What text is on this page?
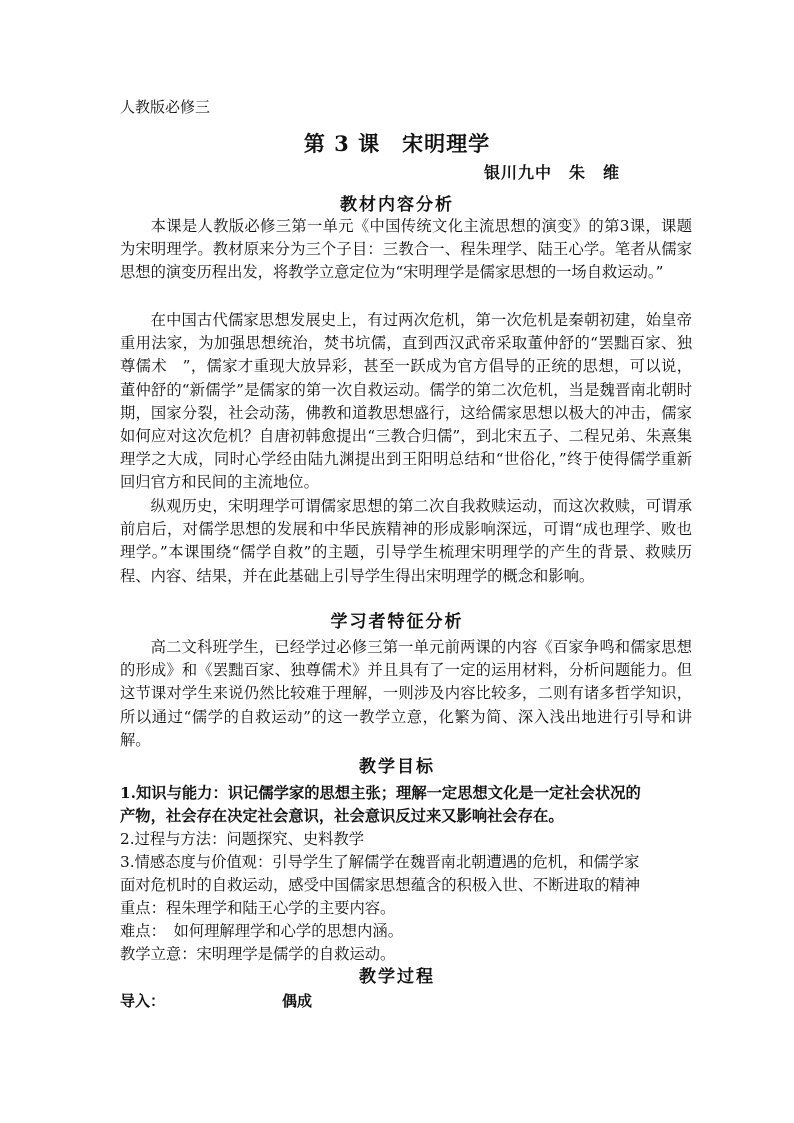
人教版必修三
第 3 课　宋明理学
银川九中　朱　维
教材内容分析

本课是人教版必修三第一单元《中国传统文化主流思想的演变》的第3课，课题为宋明理学。教材原来分为三个子目：三教合一、程朱理学、陆王心学。笔者从儒家思想的演变历程出发，将教学立意定位为“宋明理学是儒家思想的一场自救运动。”

在中国古代儒家思想发展史上，有过两次危机，第一次危机是秦朝初建，始皇帝重用法家，为加强思想统治，焚书坑儒，直到西汉武帝采取董仲舒的“罢黜百家、独尊儒术　”，儒家才重现大放异彩，甚至一跃成为官方倡导的正统的思想，可以说，董仲舒的“新儒学”是儒家的第一次自救运动。儒学的第二次危机，当是魏晋南北朝时期，国家分裂，社会动荡，佛教和道教思想盛行，这给儒家思想以极大的冲击，儒家如何应对这次危机？自唐初韩愈提出“三教合归儒”，到北宋五子、二程兄弟、朱熹集理学之大成，同时心学经由陆九渊提出到王阳明总结和“世俗化，”终于使得儒学重新回归官方和民间的主流地位。

纵观历史，宋明理学可谓儒家思想的第二次自我救赎运动，而这次救赎，可谓承前启后，对儒学思想的发展和中华民族精神的形成影响深远，可谓“成也理学、败也理学。”本课围绕“儒学自救”的主题，引导学生梳理宋明理学的产生的背景、救赎历程、内容、结果，并在此基础上引导学生得出宋明理学的概念和影响。

学习者特征分析

高二文科班学生，已经学过必修三第一单元前两课的内容《百家争鸣和儒家思想的形成》和《罢黜百家、独尊儒术》并且具有了一定的运用材料，分析问题能力。但这节课对学生来说仍然比较难于理解，一则涉及内容比较多，二则有诸多哲学知识，所以通过“儒学的自救运动”的这一教学立意，化繁为简、深入浅出地进行引导和讲解。

教学目标

1.知识与能力：识记儒学家的思想主张；理解一定思想文化是一定社会状况的

产物，社会存在决定社会意识，社会意识反过来又影响社会存在。

2.过程与方法：问题探究、史料教学

3.情感态度与价值观：引导学生了解儒学在魏晋南北朝遭遇的危机，和儒学家

面对危机时的自救运动，感受中国儒家思想蕴含的积极入世、不断进取的精神

重点：程朱理学和陆王心学的主要内容。

难点：　如何理解理学和心学的思想内涵。

教学立意：宋明理学是儒学的自救运动。

教学过程
导入：	偶成
